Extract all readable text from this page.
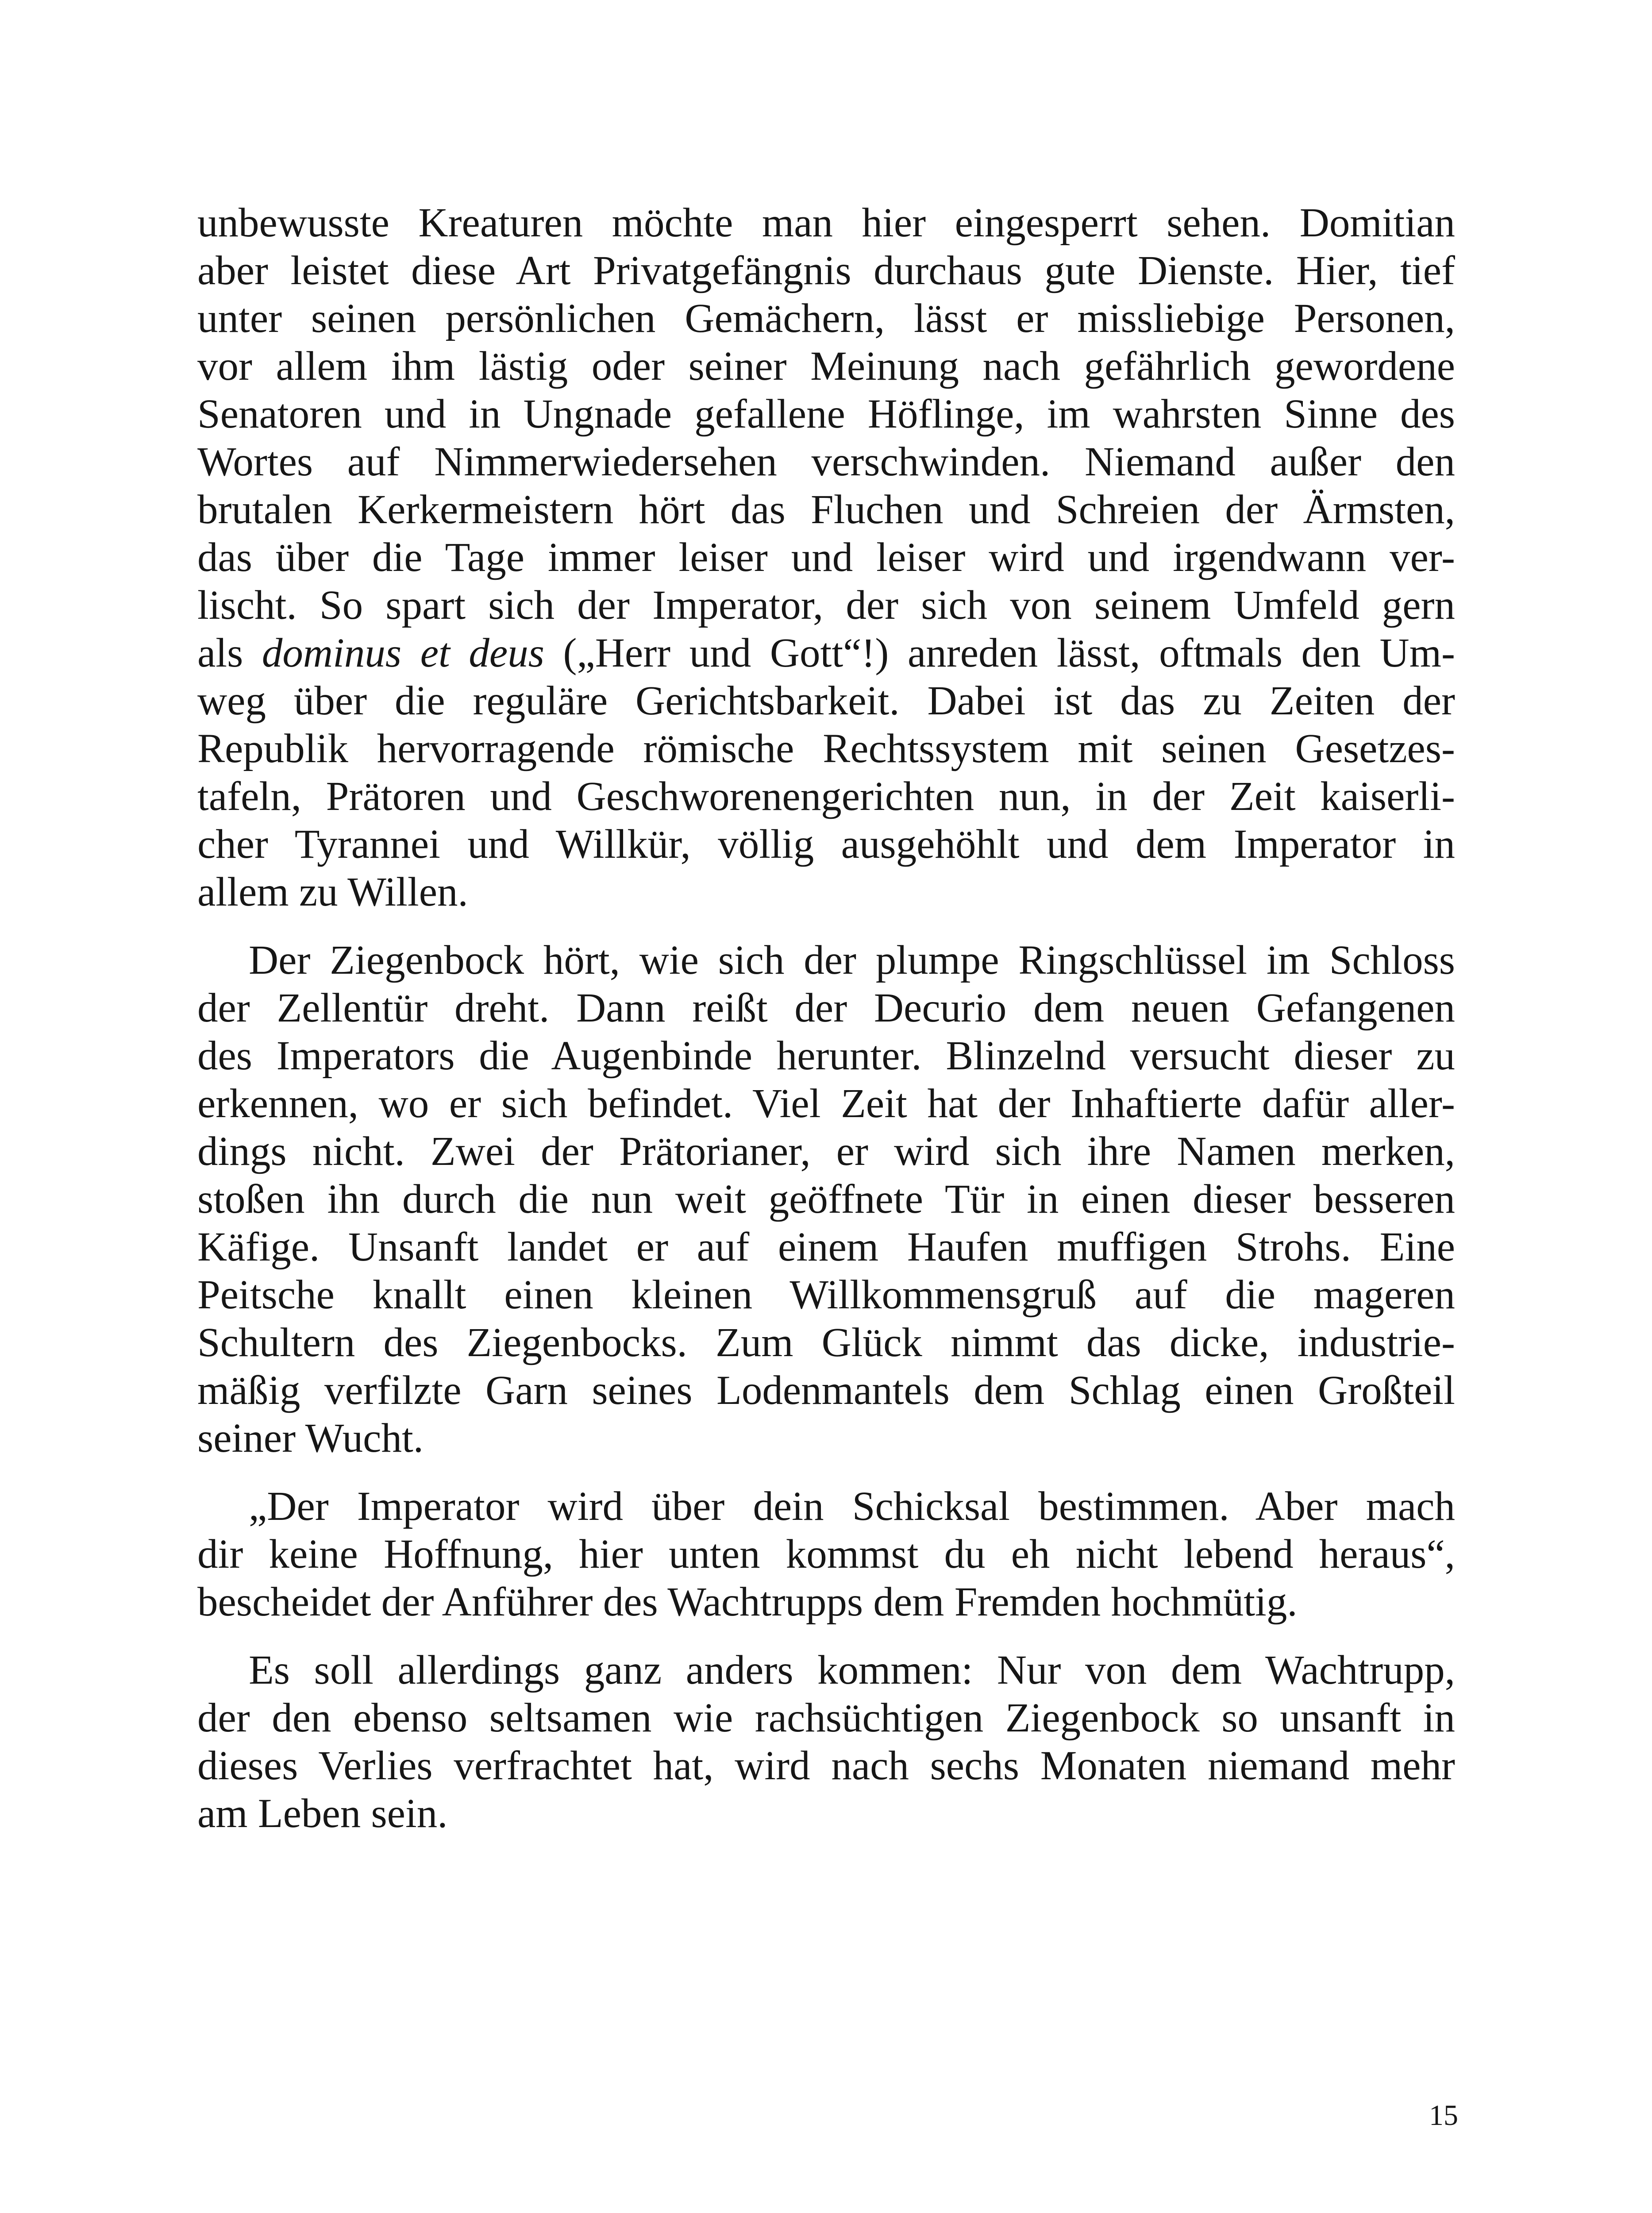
unbewusste Kreaturen möchte man hier eingesperrt sehen. Domitian
aber leistet diese Art Privatgefängnis durchaus gute Dienste. Hier, tief
unter seinen persönlichen Gemächern, lässt er missliebige Personen,
vor allem ihm lästig oder seiner Meinung nach gefährlich gewordene
Senatoren und in Ungnade gefallene Höflinge, im wahrsten Sinne des
Wortes auf Nimmerwiedersehen verschwinden. Niemand außer den
brutalen Kerkermeistern hört das Fluchen und Schreien der Ärmsten,
das über die Tage immer leiser und leiser wird und irgendwann ver-
lischt. So spart sich der Imperator, der sich von seinem Umfeld gern
als dominus et deus („Herr und Gott“!) anreden lässt, oftmals den Um-
weg über die reguläre Gerichtsbarkeit. Dabei ist das zu Zeiten der
Republik hervorragende römische Rechtssystem mit seinen Gesetzes-
tafeln, Prätoren und Geschworenengerichten nun, in der Zeit kaiserli-
cher Tyrannei und Willkür, völlig ausgehöhlt und dem Imperator in
allem zu Willen.
Der Ziegenbock hört, wie sich der plumpe Ringschlüssel im Schloss
der Zellentür dreht. Dann reißt der Decurio dem neuen Gefangenen
des Imperators die Augenbinde herunter. Blinzelnd versucht dieser zu
erkennen, wo er sich befindet. Viel Zeit hat der Inhaftierte dafür aller-
dings nicht. Zwei der Prätorianer, er wird sich ihre Namen merken,
stoßen ihn durch die nun weit geöffnete Tür in einen dieser besseren
Käfige. Unsanft landet er auf einem Haufen muffigen Strohs. Eine
Peitsche knallt einen kleinen Willkommensgruß auf die mageren
Schultern des Ziegenbocks. Zum Glück nimmt das dicke, industrie-
mäßig verfilzte Garn seines Lodenmantels dem Schlag einen Großteil
seiner Wucht.
„Der Imperator wird über dein Schicksal bestimmen. Aber mach
dir keine Hoffnung, hier unten kommst du eh nicht lebend heraus“,
bescheidet der Anführer des Wachtrupps dem Fremden hochmütig.
Es soll allerdings ganz anders kommen: Nur von dem Wachtrupp,
der den ebenso seltsamen wie rachsüchtigen Ziegenbock so unsanft in
dieses Verlies verfrachtet hat, wird nach sechs Monaten niemand mehr
am Leben sein.
15
